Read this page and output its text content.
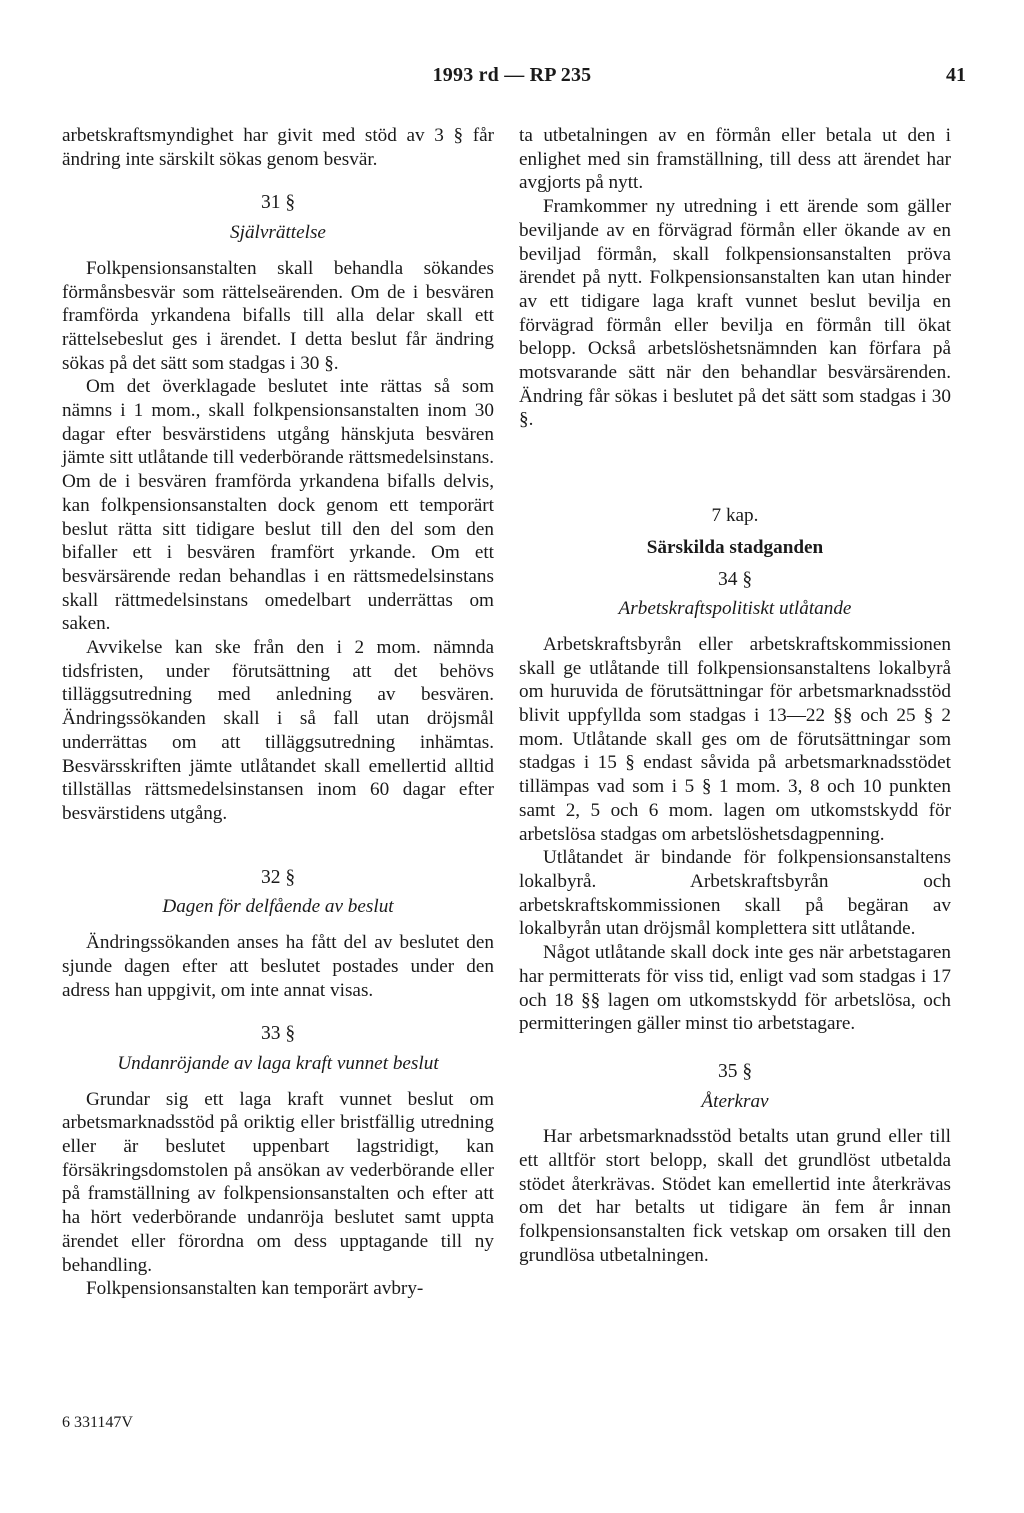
1993 rd — RP 235	41

arbetskraftsmyndighet har givit med stöd av 3 § får ändring inte särskilt sökas genom besvär.

31 §
Självrättelse

Folkpensionsanstalten skall behandla sökandes förmånsbesvär som rättelseärenden. Om de i besvären framförda yrkandena bifalls till alla delar skall ett rättelsebeslut ges i ärendet. I detta beslut får ändring sökas på det sätt som stadgas i 30 §.

Om det överklagade beslutet inte rättas så som nämns i 1 mom., skall folkpensionsanstalten inom 30 dagar efter besvärstidens utgång hänskjuta besvären jämte sitt utlåtande till vederbörande rättsmedelsinstans. Om de i besvären framförda yrkandena bifalls delvis, kan folkpensionsanstalten dock genom ett temporärt beslut rätta sitt tidigare beslut till den del som den bifaller ett i besvären framfört yrkande. Om ett besvärsärende redan behandlas i en rättsmedelsinstans skall rättmedelsinstans omedelbart underrättas om saken.

Avvikelse kan ske från den i 2 mom. nämnda tidsfristen, under förutsättning att det behövs tilläggsutredning med anledning av besvären. Ändringssökanden skall i så fall utan dröjsmål underrättas om att tilläggsutredning inhämtas. Besvärsskriften jämte utlåtandet skall emellertid alltid tillställas rättsmedelsinstansen inom 60 dagar efter besvärstidens utgång.

32 §
Dagen för delfående av beslut

Ändringssökanden anses ha fått del av beslutet den sjunde dagen efter att beslutet postades under den adress han uppgivit, om inte annat visas.

33 §
Undanröjande av laga kraft vunnet beslut

Grundar sig ett laga kraft vunnet beslut om arbetsmarknadsstöd på oriktig eller bristfällig utredning eller är beslutet uppenbart lagstridigt, kan försäkringsdomstolen på ansökan av vederbörande eller på framställning av folkpensionsanstalten och efter att ha hört vederbörande undanröja beslutet samt uppta ärendet eller förordna om dess upptagande till ny behandling.

Folkpensionsanstalten kan temporärt avbry-

ta utbetalningen av en förmån eller betala ut den i enlighet med sin framställning, till dess att ärendet har avgjorts på nytt.

Framkommer ny utredning i ett ärende som gäller beviljande av en förvägrad förmån eller ökande av en beviljad förmån, skall folkpensionsanstalten pröva ärendet på nytt. Folkpensionsanstalten kan utan hinder av ett tidigare laga kraft vunnet beslut bevilja en förvägrad förmån eller bevilja en förmån till ökat belopp. Också arbetslöshetsnämnden kan förfara på motsvarande sätt när den behandlar besvärsärenden. Ändring får sökas i beslutet på det sätt som stadgas i 30 §.

7 kap.
Särskilda stadganden
34 §
Arbetskraftspolitiskt utlåtande

Arbetskraftsbyrån eller arbetskraftskommissionen skall ge utlåtande till folkpensionsanstaltens lokalbyrå om huruvida de förutsättningar för arbetsmarknadsstöd blivit uppfyllda som stadgas i 13—22 §§ och 25 § 2 mom. Utlåtande skall ges om de förutsättningar som stadgas i 15 § endast såvida på arbetsmarknadsstödet tillämpas vad som i 5 § 1 mom. 3, 8 och 10 punkten samt 2, 5 och 6 mom. lagen om utkomstskydd för arbetslösa stadgas om arbetslöshetsdagpenning.

Utlåtandet är bindande för folkpensionsanstaltens lokalbyrå. Arbetskraftsbyrån och arbetskraftskommissionen skall på begäran av lokalbyrån utan dröjsmål komplettera sitt utlåtande.

Något utlåtande skall dock inte ges när arbetstagaren har permitterats för viss tid, enligt vad som stadgas i 17 och 18 §§ lagen om utkomstskydd för arbetslösa, och permitteringen gäller minst tio arbetstagare.

35 §
Återkrav

Har arbetsmarknadsstöd betalts utan grund eller till ett alltför stort belopp, skall det grundlöst utbetalda stödet återkrävas. Stödet kan emellertid inte återkrävas om det har betalts ut tidigare än fem år innan folkpensionsanstalten fick vetskap om orsaken till den grundlösa utbetalningen.

6 331147V
